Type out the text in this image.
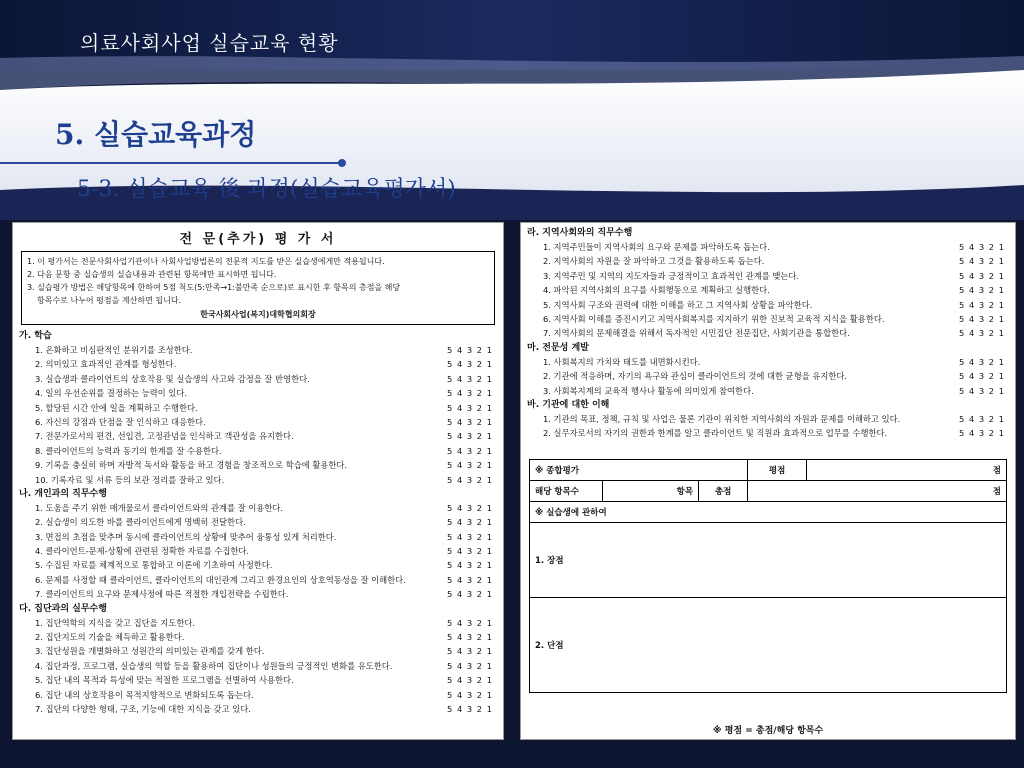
의료사회사업 실습교육 현황
5. 실습교육과정
5-3. 실습교육 後 과정(실습교육평가서)
전 문(추가) 평 가 서
1. 이 평가서는 전문사회사업기관이나 사회사업방법론의 전문적 지도를 받은 실습생에게만 적용됩니다.
2. 다음 문항 중 실습생의 실습내용과 관련된 항목에만 표시하면 됩니다.
3. 실습평가 방법은 해당항목에 한하여 5점 척도(5:만족→1:불만족 순으로)로 표시한 후 항목의 총점을 해당
항목수로 나누어 평점을 계산하면 됩니다.
한국사회사업(복지)대학협의회장
가. 학습
1. 온화하고 비심판적인 분위기를 조성한다.	5 4 3 2 1
2. 의미있고 효과적인 관계를 형성한다.	5 4 3 2 1
3. 실습생과 클라이언트의 상호작용 및 실습생의 사고와 감정을 잘 반영한다.	5 4 3 2 1
4. 일의 우선순위를 결정하는 능력이 있다.	5 4 3 2 1
5. 할당된 시간 안에 일을 계획하고 수행한다.	5 4 3 2 1
6. 자신의 강점과 단점을 잘 인식하고 대응한다.	5 4 3 2 1
7. 전문가로서의 편견, 선입견, 고정관념을 인식하고 객관성을 유지한다.	5 4 3 2 1
8. 클라이언트의 능력과 동기의 한계를 잘 수용한다.	5 4 3 2 1
9. 기록을 충실히 하며 자발적 독서와 활동을 하고 경험을 창조적으로 학습에 활용한다.	5 4 3 2 1
10. 기록자료 및 서류 등의 보관 정리를 잘하고 있다.	5 4 3 2 1
나. 개인과의 직무수행
1. 도움을 주기 위한 매개물로서 클라이언트와의 관계를 잘 이용한다.	5 4 3 2 1
2. 실습생이 의도한 바를 클라이언트에게 명백히 전달한다.	5 4 3 2 1
3. 면접의 초점을 맞추며 동시에 클라이언트의 상황에 맞추어 융통성 있게 처리한다.	5 4 3 2 1
4. 클라이언트-문제-상황에 관련된 정확한 자료를 수집한다.	5 4 3 2 1
5. 수집된 자료를 체계적으로 통합하고 이론에 기초하여 사정한다.	5 4 3 2 1
6. 문제를 사정할 때 클라이언트, 클라이언트의 대인관계 그리고 환경요인의 상호역동성을 잘 이해한다.	5 4 3 2 1
7. 클라이언트의 요구와 문제사정에 따른 적절한 개입전략을 수립한다.	5 4 3 2 1
다. 집단과의 실무수행
1. 집단역학의 지식을 갖고 집단을 지도한다.	5 4 3 2 1
2. 집단지도의 기술을 체득하고 활용한다.	5 4 3 2 1
3. 집단성원을 개별화하고 성원간의 의미있는 관계를 갖게 한다.	5 4 3 2 1
4. 집단과정, 프로그램, 실습생의 역할 등을 활용하여 집단이나 성원들의 긍정적인 변화를 유도한다.	5 4 3 2 1
5. 집단 내의 목적과 특성에 맞는 적절한 프로그램을 선별하여 사용한다.	5 4 3 2 1
6. 집단 내의 상호작용이 목적지향적으로 변화되도록 돕는다.	5 4 3 2 1
7. 집단의 다양한 형태, 구조, 기능에 대한 지식을 갖고 있다.	5 4 3 2 1
라. 지역사회와의 직무수행
1. 지역주민들이 지역사회의 요구와 문제를 파악하도록 돕는다.	5 4 3 2 1
2. 지역사회의 자원을 잘 파악하고 그것을 활용하도록 돕는다.	5 4 3 2 1
3. 지역주민 및 지역의 지도자들과 긍정적이고 효과적인 관계를 맺는다.	5 4 3 2 1
4. 파악된 지역사회의 요구를 사회행동으로 계획하고 실행한다.	5 4 3 2 1
5. 지역사회 구조와 권력에 대한 이해를 하고 그 지역사회 상황을 파악한다.	5 4 3 2 1
6. 지역사회 이해를 증진시키고 지역사회복지를 지지하기 위한 진보적 교육적 지식을 활용한다.	5 4 3 2 1
7. 지역사회의 문제해결을 위해서 독자적인 시민집단 전문집단, 사회기관을 통합한다.	5 4 3 2 1
마. 전문성 계발
1. 사회복지의 가치와 태도를 내면화시킨다.	5 4 3 2 1
2. 기관에 적응하며, 자기의 욕구와 관심이 클라이언트의 것에 대한 균형을 유지한다.	5 4 3 2 1
3. 사회복지계의 교육적 행사나 활동에 의미있게 참여한다.	5 4 3 2 1
바. 기관에 대한 이해
1. 기관의 목표, 정책, 규칙 및 사업은 물론 기관이 위치한 지역사회의 자원과 문제를 이해하고 있다.	5 4 3 2 1
2. 실무자로서의 자기의 권한과 한계를 알고 클라이언트 및 직원과 효과적으로 업무를 수행한다.	5 4 3 2 1
※ 종합평가			평점	점
해당 항목수	항목	총점	점	
※ 실습생에 관하여				
1. 장점				
2. 단점				
※ 평점 = 총점/해당 항목수
